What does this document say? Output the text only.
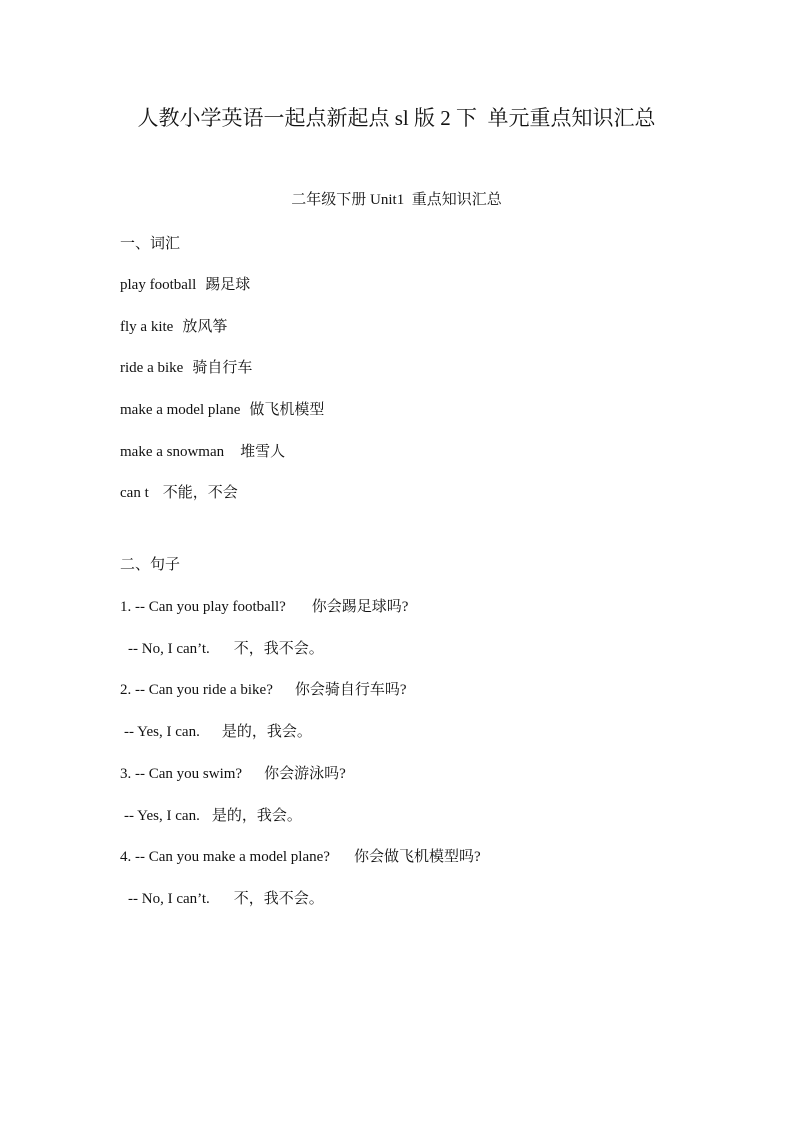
人教小学英语一起点新起点 sl 版 2 下  单元重点知识汇总
二年级下册 Unit1  重点知识汇总
一、词汇
play football 踢足球
fly a kite 放风筝
ride a bike 骑自行车
make a model plane 做飞机模型
make a snowman 堆雪人
can t 不能，不会
二、句子
1. -- Can you play football? 你会踢足球吗?
-- No, I can’t. 不，我不会。
2. -- Can you ride a bike? 你会骑自行车吗?
-- Yes, I can. 是的，我会。
3. -- Can you swim? 你会游泳吗?
-- Yes, I can. 是的，我会。
4. -- Can you make a model plane? 你会做飞机模型吗?
-- No, I can’t. 不，我不会。
